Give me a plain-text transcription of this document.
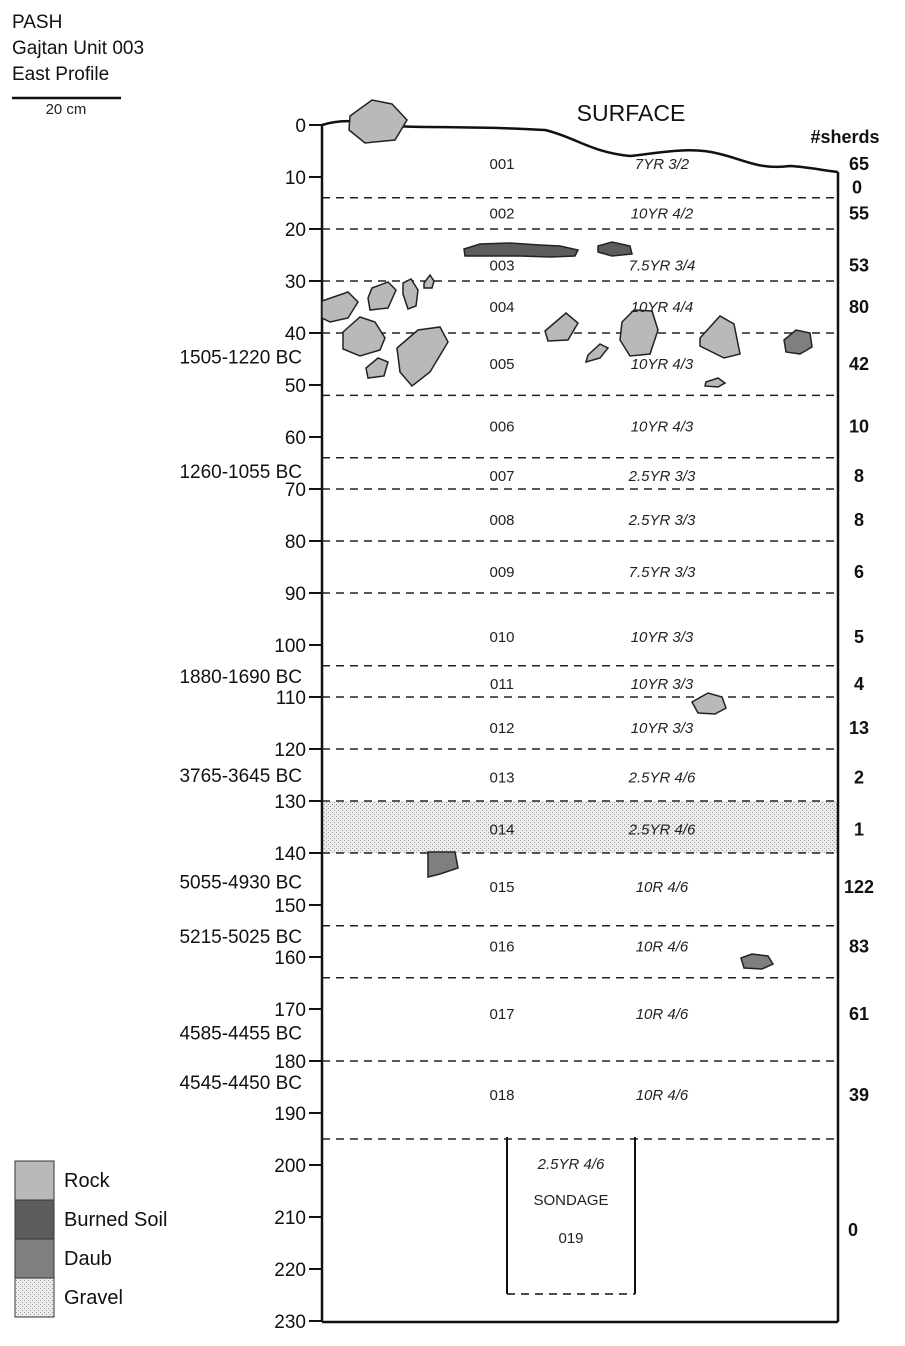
PASH
Gajtan Unit 003
East Profile
20 cm	SURFACE
#sherds
0
10
20
30
40
50
60
70
80
90
100
110
120
130
140
150
160
170
180
190
200
210
220
230
1505-1220 BC
1260-1055 BC
1880-1690 BC
3765-3645 BC
5055-4930 BC
5215-5025 BC
4585-4455 BC
4545-4450 BC
001	7YR 3/2	65
002	10YR 4/2	55
003	7.5YR 3/4	53
004	10YR 4/4	80
005	10YR 4/3	42
006	10YR 4/3	10
007	2.5YR 3/3	8
008	2.5YR 3/3	8
009	7.5YR 3/3	6
010	10YR 3/3	5
011	10YR 3/3	4
012	10YR 3/3	13
013	2.5YR 4/6	2
014	2.5YR 4/6	1
015	10R 4/6	122
016	10R 4/6	83
017	10R 4/6	61
018	10R 4/6	39
0
2.5YR 4/6
SONDAGE
019	0
Rock
Burned Soil
Daub
Gravel
